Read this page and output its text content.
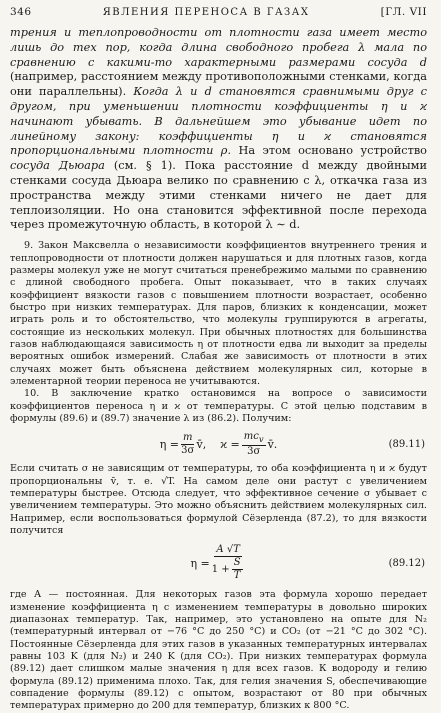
346	ЯВЛЕНИЯ ПЕРЕНОСА В ГАЗАХ	[ГЛ. VII

трения и теплопроводности от плотности газа имеет место лишь до тех пор, когда длина свободного пробега λ мала по сравнению с какими-то характерными размерами сосуда d (например, расстоянием между противоположными стенками, когда они параллельны). Когда λ и d становятся сравнимыми друг с другом, при уменьшении плотности коэффициенты η и ϰ начинают убывать. В дальнейшем это убывание идет по линейному закону: коэффициенты η и ϰ становятся пропорциональными плотности ρ. На этом основано устройство сосуда Дьюара (см. § 1). Пока расстояние d между двойными стенками сосуда Дьюара велико по сравнению с λ, откачка газа из пространства между этими стенками ничего не дает для теплоизоляции. Но она становится эффективной после перехода через промежуточную область, в которой λ ∼ d.

9. Закон Максвелла о независимости коэффициентов внутреннего трения и теплопроводности от плотности должен нарушаться и для плотных газов, когда размеры молекул уже не могут считаться пренебрежимо малыми по сравнению с длиной свободного пробега. Опыт показывает, что в таких случаях коэффициент вязкости газов с повышением плотности возрастает, особенно быстро при низких температурах. Для паров, близких к конденсации, может играть роль и то обстоятельство, что молекулы группируются в агрегаты, состоящие из нескольких молекул. При обычных плотностях для большинства газов наблюдающаяся зависимость η от плотности едва ли выходит за пределы вероятных ошибок измерений. Слабая же зависимость от плотности в этих случаях может быть объяснена действием молекулярных сил, которые в элементарной теории переноса не учитываются.

10. В заключение кратко остановимся на вопросе о зависимости коэффициентов переноса η и ϰ от температуры. С этой целью подставим в формулы (89.6) и (89.7) значение λ из (86.2). Получим:

$\eta = \frac{m}{3\sigma}$ v̄, $ϰ = \frac{mc_v}{3\sigma}$ v̄.	(89.11)

Если считать σ не зависящим от температуры, то оба коэффициента η и ϰ будут пропорциональны v̄, т. е. √T. На самом деле они растут с увеличением температуры быстрее. Отсюда следует, что эффективное сечение σ убывает с увеличением температуры. Это можно объяснить действием молекулярных сил. Например, если воспользоваться формулой Сёзерленда (87.2), то для вязкости получится

$\eta = \frac{A √T}{1 + \frac{S}{T}}$	(89.12)

где A — постоянная. Для некоторых газов эта формула хорошо передает изменение коэффициента η с изменением температуры в довольно широких диапазонах температур. Так, например, это установлено на опыте для N₂ (температурный интервал от −76 °C до 250 °C) и CO₂ (от −21 °C до 302 °C). Постоянные Сёзерленда для этих газов в указанных температурных интервалах равны 103 K (для N₂) и 240 K (для CO₂). При низких температурах формула (89.12) дает слишком малые значения η для всех газов. К водороду и гелию формула (89.12) применима плохо. Так, для гелия значения S, обеспечивающие совпадение формулы (89.12) с опытом, возрастают от 80 при обычных температурах примерно до 200 для температур, близких к 800 °C.
